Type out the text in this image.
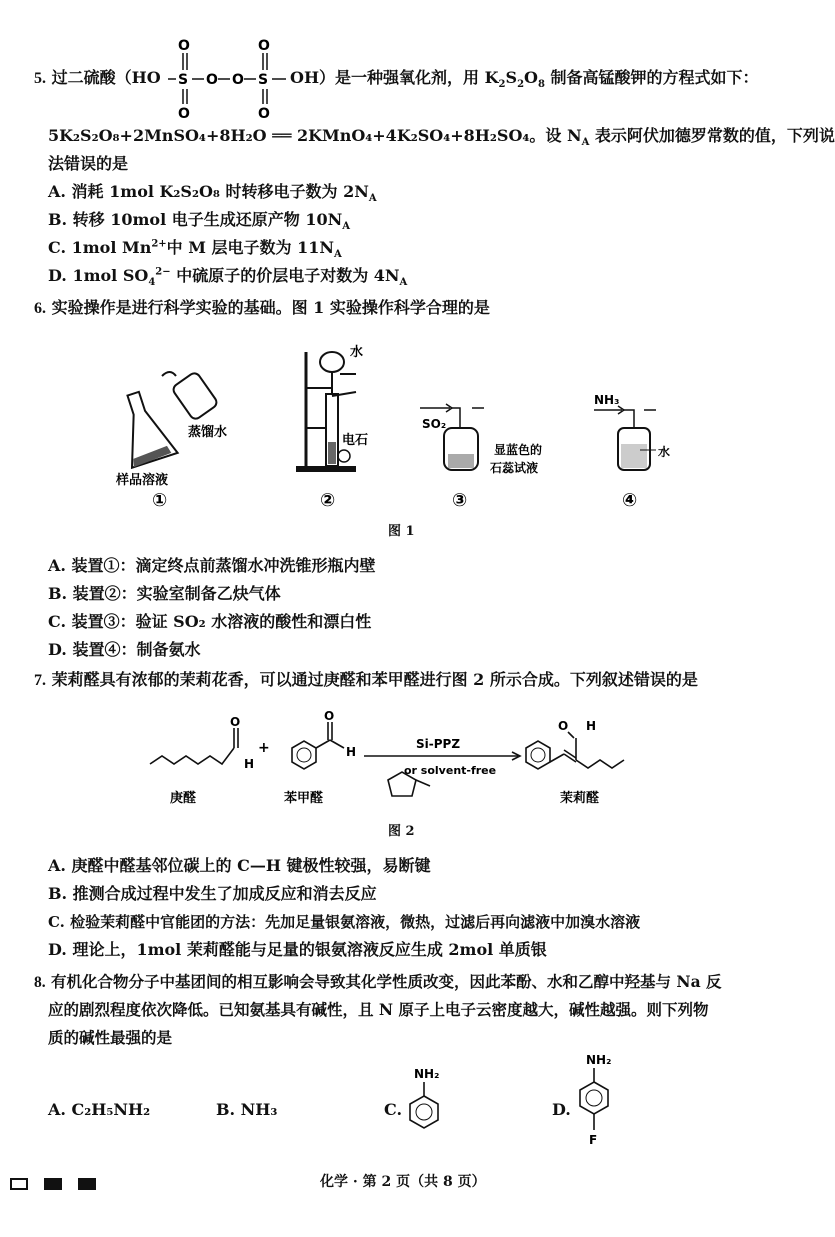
5. 过二硫酸（HO S
O
O
O O S
O
O
OH）是一种强氧化剂，用 $K_2S_2O_8$ 制备高锰酸钾的方程式如下：
5K₂S₂O₈+2MnSO₄+8H₂O ══ 2KMnO₄+4K₂SO₄+8H₂SO₄。设 $N_A$ 表示阿伏加德罗常数的值，下列说
法错误的是
A. 消耗 1mol K₂S₂O₈ 时转移电子数为 $2N_A$
B. 转移 10mol 电子生成还原产物 $10N_A$
C. 1mol $Mn^{2+}$中 M 层电子数为 $11N_A$
D. 1mol $SO_4^{2-}$ 中硫原子的价层电子对数为 $4N_A$
6. 实验操作是进行科学实验的基础。图 1 实验操作科学合理的是
蒸馏水
样品溶液
①
水
电石
②
SO₂
显蓝色的
石蕊试液
③
NH₃
水
④
图 1
A. 装置①：滴定终点前蒸馏水冲洗锥形瓶内壁
B. 装置②：实验室制备乙炔气体
C. 装置③：验证 SO₂ 水溶液的酸性和漂白性
D. 装置④：制备氨水
7. 茉莉醛具有浓郁的茉莉花香，可以通过庚醛和苯甲醛进行图 2 所示合成。下列叙述错误的是
O
H
+
庚醛
O
H
苯甲醛
Si-PPZ
or solvent-free
O H
茉莉醛
图 2
A. 庚醛中醛基邻位碳上的 C—H 键极性较强，易断键
B. 推测合成过程中发生了加成反应和消去反应
C. 检验茉莉醛中官能团的方法：先加足量银氨溶液，微热，过滤后再向滤液中加溴水溶液
D. 理论上，1mol 茉莉醛能与足量的银氨溶液反应生成 2mol 单质银
8. 有机化合物分子中基团间的相互影响会导致其化学性质改变，因此苯酚、水和乙醇中羟基与 Na 反
应的剧烈程度依次降低。已知氨基具有碱性，且 N 原子上电子云密度越大，碱性越强。则下列物
质的碱性最强的是
A. C₂H₅NH₂	B. NH₃	C.
NH₂
D.
NH₂
F
化学 · 第 2 页（共 8 页）
